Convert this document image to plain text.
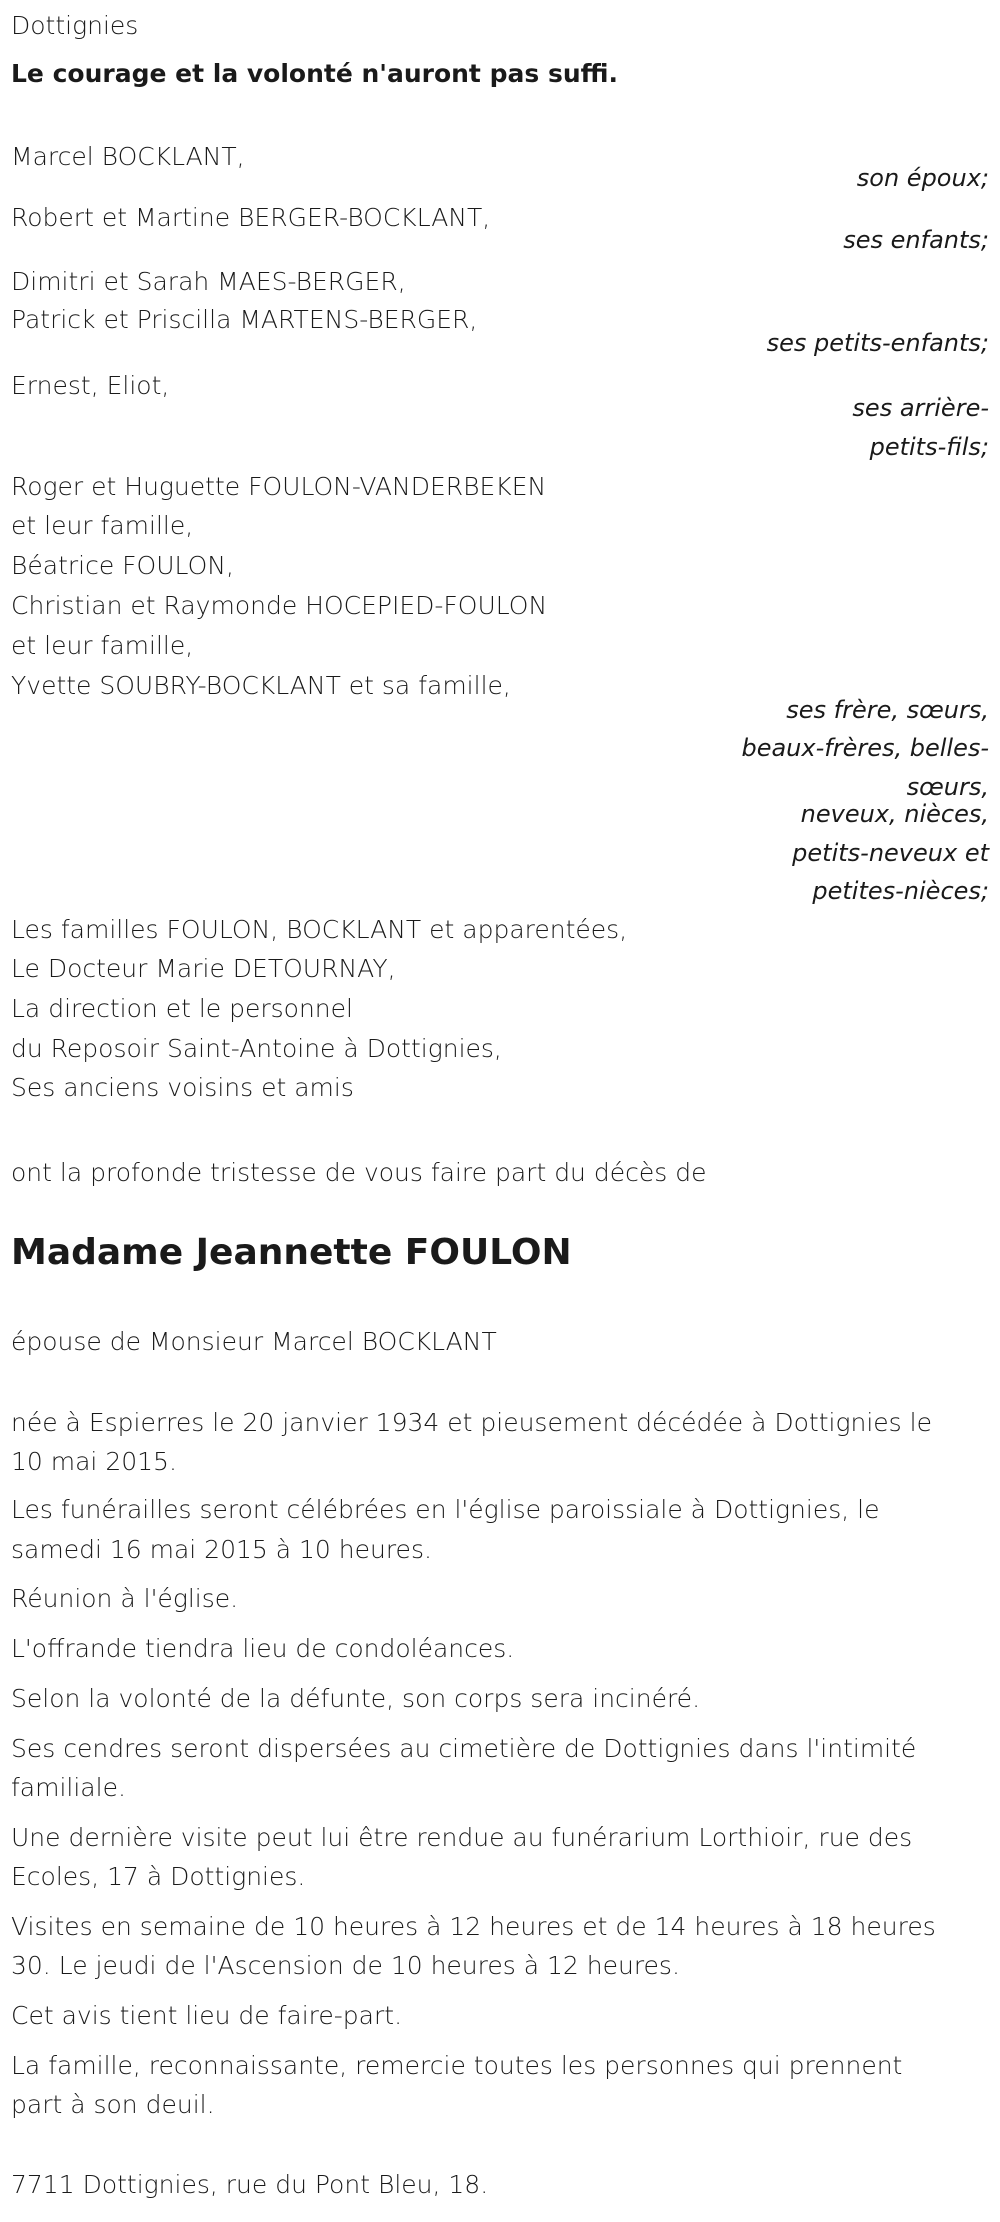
Dottignies
Le courage et la volonté n'auront pas suffi.
Marcel BOCKLANT,
son époux;
Robert et Martine BERGER-BOCKLANT,
ses enfants;
Dimitri et Sarah MAES-BERGER,
Patrick et Priscilla MARTENS-BERGER,
ses petits-enfants;
Ernest, Eliot,
ses arrière-
petits-fils;
Roger et Huguette FOULON-VANDERBEKEN
et leur famille,
Béatrice FOULON,
Christian et Raymonde HOCEPIED-FOULON
et leur famille,
Yvette SOUBRY-BOCKLANT et sa famille,
ses frère, sœurs,
beaux-frères, belles-
sœurs,
neveux, nièces,
petits-neveux et
petites-nièces;
Les familles FOULON, BOCKLANT et apparentées,
Le Docteur Marie DETOURNAY,
La direction et le personnel
du Reposoir Saint-Antoine à Dottignies,
Ses anciens voisins et amis
ont la profonde tristesse de vous faire part du décès de
Madame Jeannette FOULON
épouse de Monsieur Marcel BOCKLANT
née à Espierres le 20 janvier 1934 et pieusement décédée à Dottignies le
10 mai 2015.
Les funérailles seront célébrées en l'église paroissiale à Dottignies, le
samedi 16 mai 2015 à 10 heures.
Réunion à l'église.
L'offrande tiendra lieu de condoléances.
Selon la volonté de la défunte, son corps sera incinéré.
Ses cendres seront dispersées au cimetière de Dottignies dans l'intimité
familiale.
Une dernière visite peut lui être rendue au funérarium Lorthioir, rue des
Ecoles, 17 à Dottignies.
Visites en semaine de 10 heures à 12 heures et de 14 heures à 18 heures
30. Le jeudi de l'Ascension de 10 heures à 12 heures.
Cet avis tient lieu de faire-part.
La famille, reconnaissante, remercie toutes les personnes qui prennent
part à son deuil.
7711 Dottignies, rue du Pont Bleu, 18.
